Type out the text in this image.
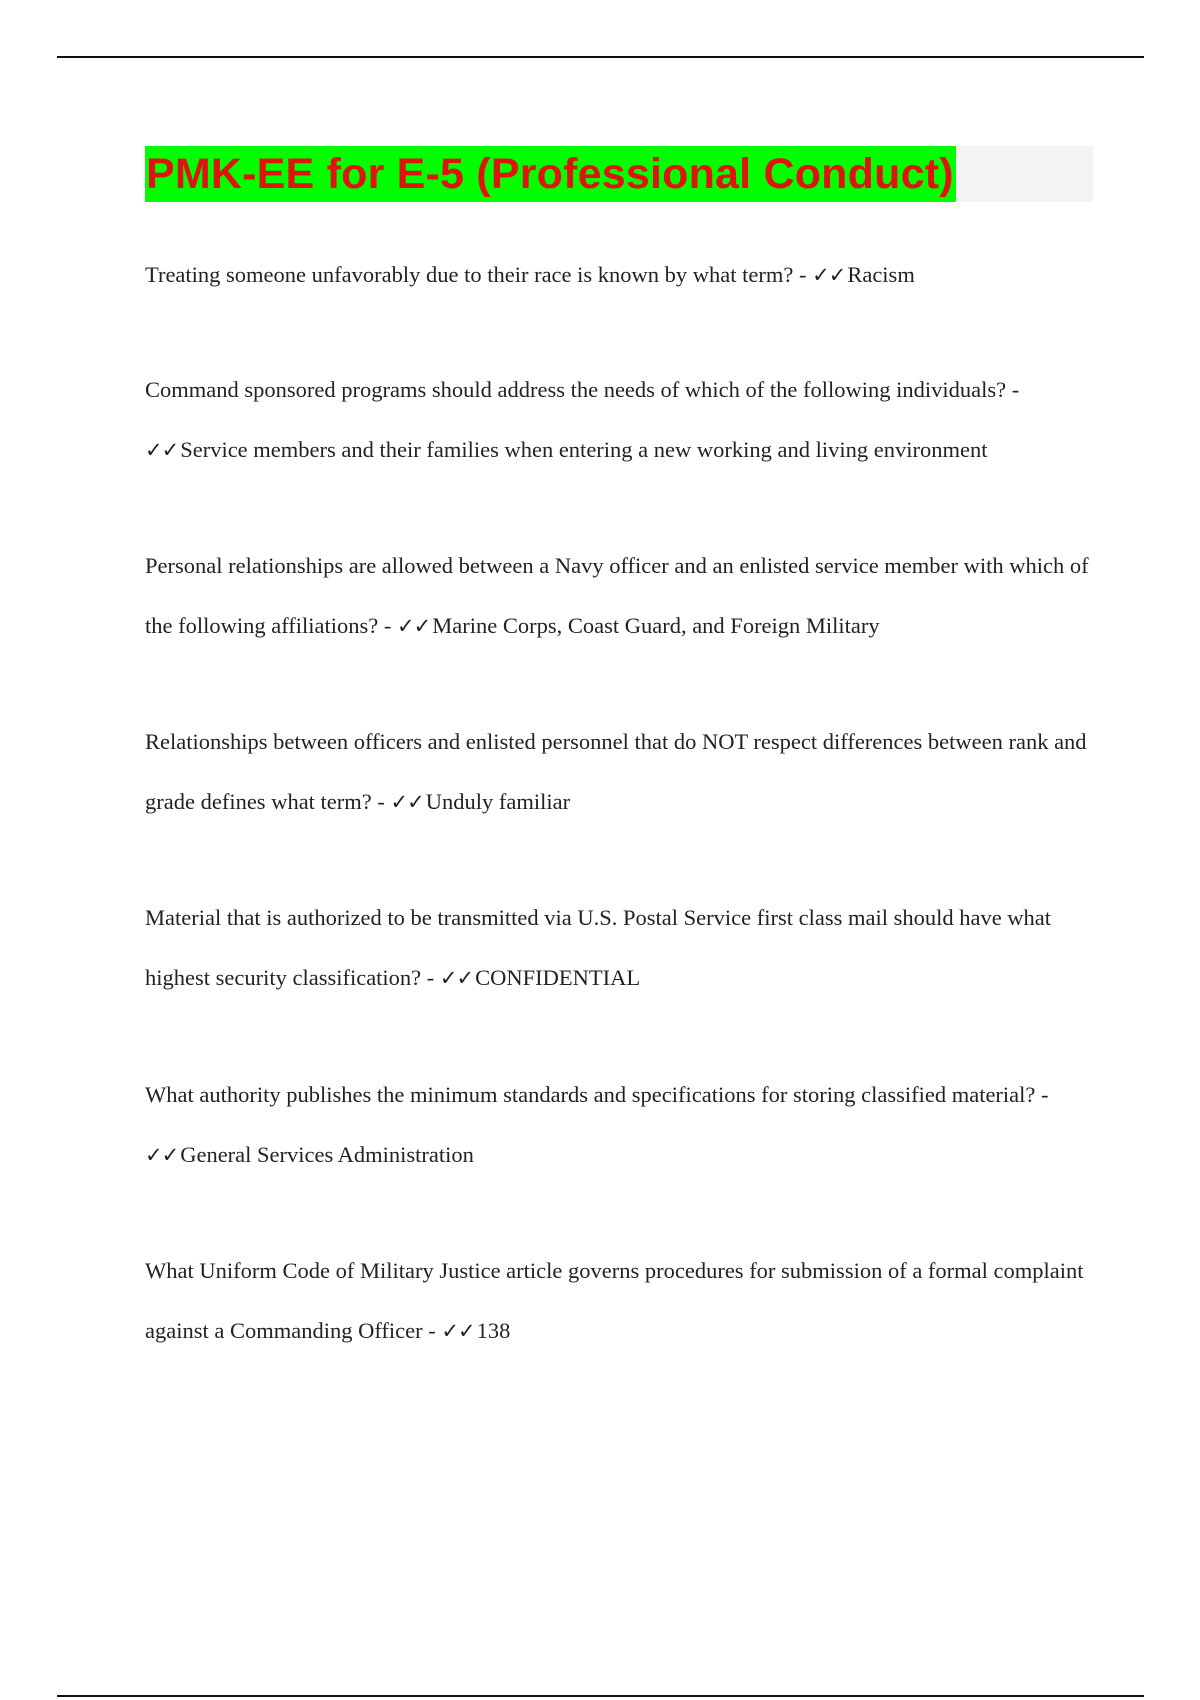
PMK-EE for E-5 (Professional Conduct)

Treating someone unfavorably due to their race is known by what term? - ✓✓Racism

Command sponsored programs should address the needs of which of the following individuals? - ✓✓Service members and their families when entering a new working and living environment

Personal relationships are allowed between a Navy officer and an enlisted service member with which of the following affiliations? - ✓✓Marine Corps, Coast Guard, and Foreign Military

Relationships between officers and enlisted personnel that do NOT respect differences between rank and grade defines what term? - ✓✓Unduly familiar

Material that is authorized to be transmitted via U.S. Postal Service first class mail should have what highest security classification? - ✓✓CONFIDENTIAL

What authority publishes the minimum standards and specifications for storing classified material? - ✓✓General Services Administration

What Uniform Code of Military Justice article governs procedures for submission of a formal complaint against a Commanding Officer - ✓✓138
